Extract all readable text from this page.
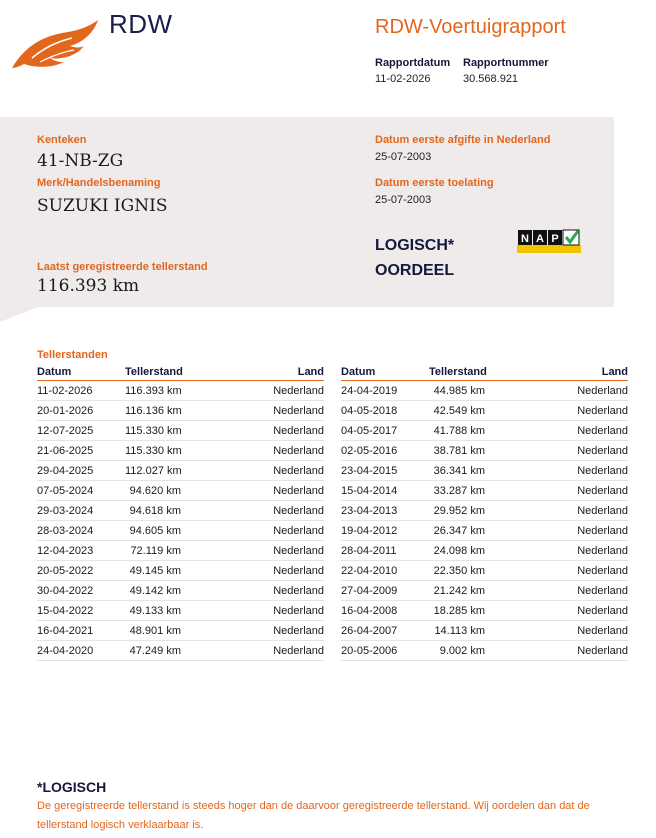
RDW	RDW-Voertuigrapport
Rapportdatum
11-02-2026
Rapportnummer
30.568.921
Kenteken
41-NB-ZG
Merk/Handelsbenaming
SUZUKI IGNIS
Laatst geregistreerde tellerstand
116.393 km
Datum eerste afgifte in Nederland
25-07-2003
Datum eerste toelating
25-07-2003
LOGISCH*
OORDEEL
N A P
Tellerstanden
Datum	Tellerstand	Land
11-02-2026	116.393 km	Nederland
20-01-2026	116.136 km	Nederland
12-07-2025	115.330 km	Nederland
21-06-2025	115.330 km	Nederland
29-04-2025	112.027 km	Nederland
07-05-2024	94.620 km	Nederland
29-03-2024	94.618 km	Nederland
28-03-2024	94.605 km	Nederland
12-04-2023	72.119 km	Nederland
20-05-2022	49.145 km	Nederland
30-04-2022	49.142 km	Nederland
15-04-2022	49.133 km	Nederland
16-04-2021	48.901 km	Nederland
24-04-2020	47.249 km	Nederland
Datum	Tellerstand	Land
24-04-2019	44.985 km	Nederland
04-05-2018	42.549 km	Nederland
04-05-2017	41.788 km	Nederland
02-05-2016	38.781 km	Nederland
23-04-2015	36.341 km	Nederland
15-04-2014	33.287 km	Nederland
23-04-2013	29.952 km	Nederland
19-04-2012	26.347 km	Nederland
28-04-2011	24.098 km	Nederland
22-04-2010	22.350 km	Nederland
27-04-2009	21.242 km	Nederland
16-04-2008	18.285 km	Nederland
26-04-2007	14.113 km	Nederland
20-05-2006	9.002 km	Nederland
*LOGISCH
De geregistreerde tellerstand is steeds hoger dan de daarvoor geregistreerde tellerstand. Wij oordelen dan dat de tellerstand logisch verklaarbaar is.
